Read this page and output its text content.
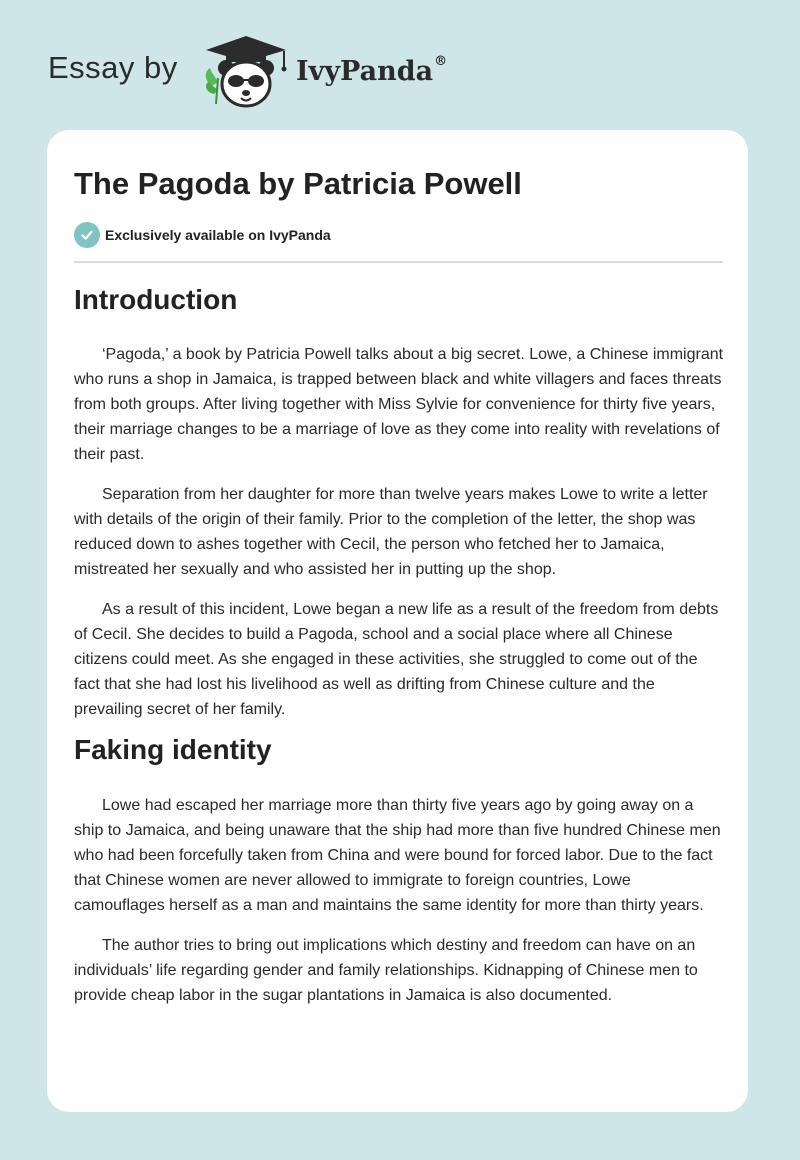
Essay by	IvyPanda®
The Pagoda by Patricia Powell
Exclusively available on IvyPanda
Introduction

‘Pagoda,’ a book by Patricia Powell talks about a big secret. Lowe, a Chinese immigrant who runs a shop in Jamaica, is trapped between black and white villagers and faces threats from both groups. After living together with Miss Sylvie for convenience for thirty five years, their marriage changes to be a marriage of love as they come into reality with revelations of their past.

Separation from her daughter for more than twelve years makes Lowe to write a letter with details of the origin of their family. Prior to the completion of the letter, the shop was reduced down to ashes together with Cecil, the person who fetched her to Jamaica, mistreated her sexually and who assisted her in putting up the shop.

As a result of this incident, Lowe began a new life as a result of the freedom from debts of Cecil. She decides to build a Pagoda, school and a social place where all Chinese citizens could meet. As she engaged in these activities, she struggled to come out of the fact that she had lost his livelihood as well as drifting from Chinese culture and the prevailing secret of her family.

Faking identity

Lowe had escaped her marriage more than thirty five years ago by going away on a ship to Jamaica, and being unaware that the ship had more than five hundred Chinese men who had been forcefully taken from China and were bound for forced labor. Due to the fact that Chinese women are never allowed to immigrate to foreign countries, Lowe camouflages herself as a man and maintains the same identity for more than thirty years.

The author tries to bring out implications which destiny and freedom can have on an individuals’ life regarding gender and family relationships. Kidnapping of Chinese men to provide cheap labor in the sugar plantations in Jamaica is also documented.
